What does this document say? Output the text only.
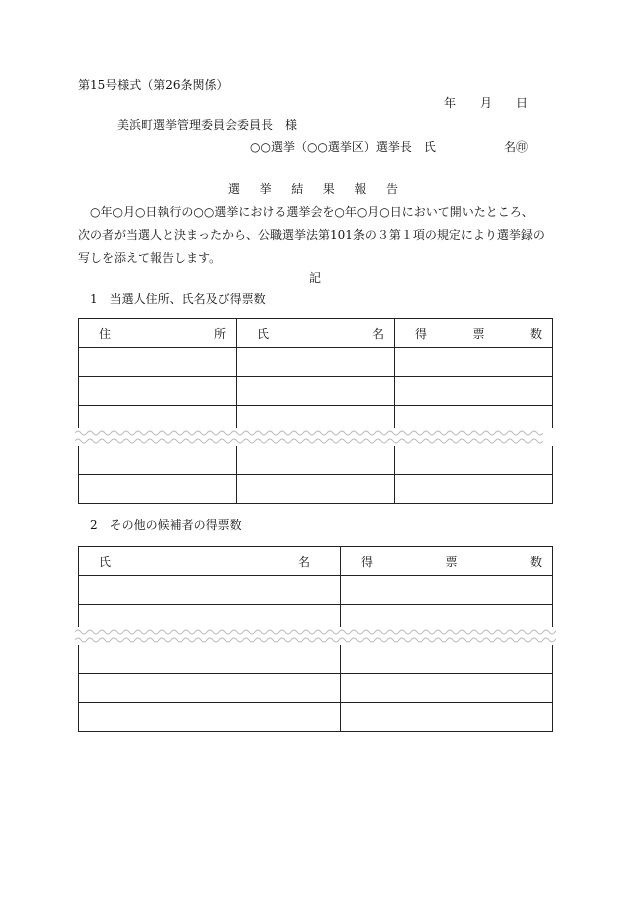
第15号様式（第26条関係）
年 月 日
美浜町選挙管理委員会委員長　様
○○選挙（○○選挙区）選挙長　氏	名㊞
選 挙 結 果 報 告
○年○月○日執行の○○選挙における選挙会を○年○月○日において開いたところ、
次の者が当選人と決まったから、公職選挙法第101条の３第１項の規定により選挙録の
写しを添えて報告します。
記
1　当選人住所、氏名及び得票数
住 所	氏 名	得 票 数

2　その他の候補者の得票数
氏 名	得 票 数
